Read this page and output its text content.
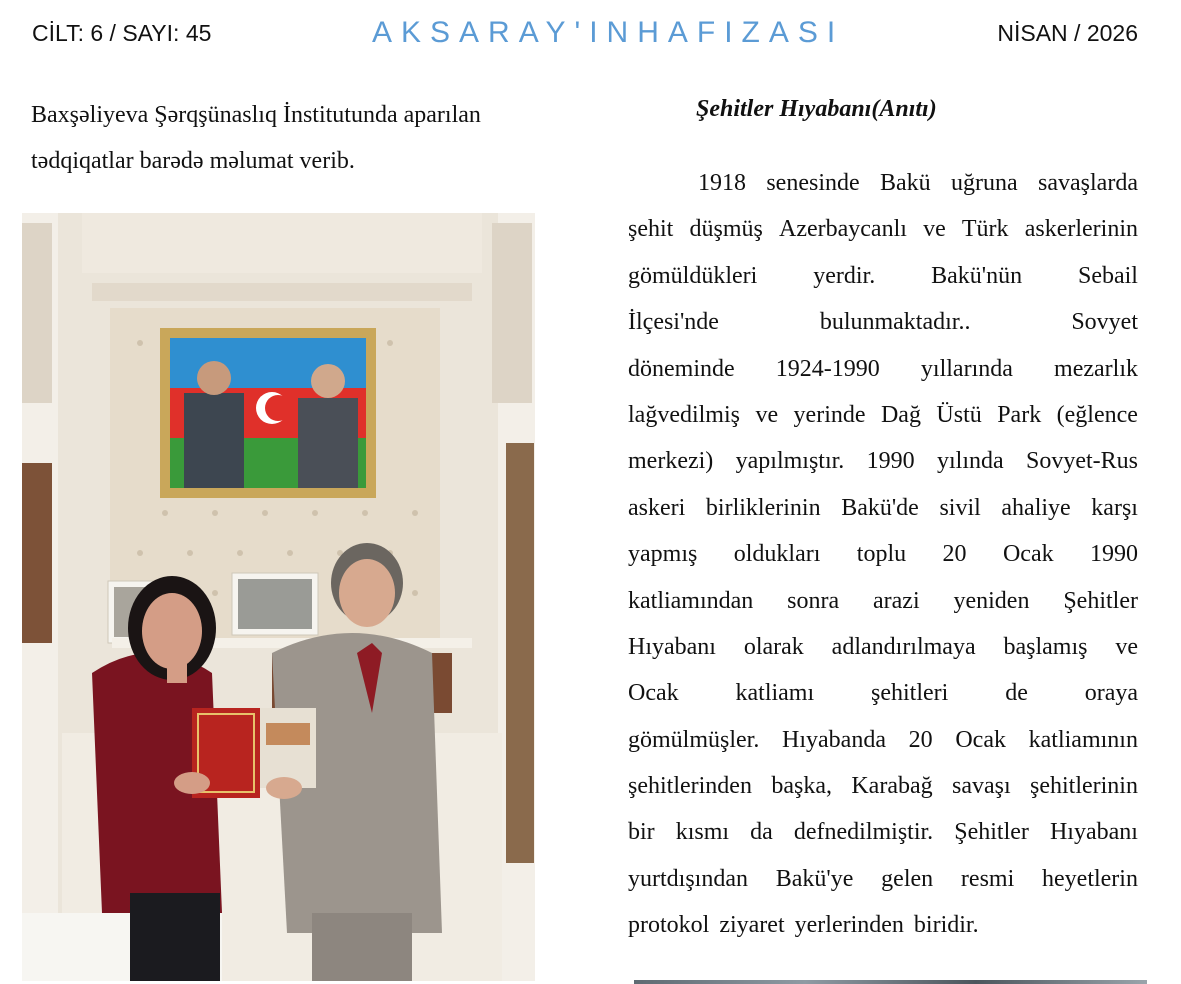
CİLT: 6 / SAYI: 45	AKSARAY'INHAFIZASI	NİSAN / 2026
Baxşəliyeva Şərqşünaslıq İnstitutunda aparılan
tədqiqatlar barədə məlumat verib.
Şehitler Hıyabanı(Anıtı)
1918 senesinde Bakü uğruna savaşlarda
şehit düşmüş Azerbaycanlı ve Türk askerlerinin
gömüldükleri yerdir. Bakü'nün Sebail
İlçesi'nde	bulunmaktadır..	Sovyet
döneminde 1924-1990 yıllarında mezarlık
lağvedilmiş ve yerinde Dağ Üstü Park (eğlence
merkezi) yapılmıştır. 1990 yılında Sovyet-Rus
askeri birliklerinin Bakü'de sivil ahaliye karşı
yapmış oldukları toplu 20 Ocak 1990
katliamından sonra arazi yeniden Şehitler
Hıyabanı olarak adlandırılmaya başlamış ve
Ocak katliamı şehitleri de oraya
gömülmüşler. Hıyabanda 20 Ocak katliamının
şehitlerinden başka, Karabağ savaşı şehitlerinin
bir kısmı da defnedilmiştir. Şehitler Hıyabanı
yurtdışından Bakü'ye gelen resmi heyetlerin
protokol ziyaret yerlerinden biridir.
